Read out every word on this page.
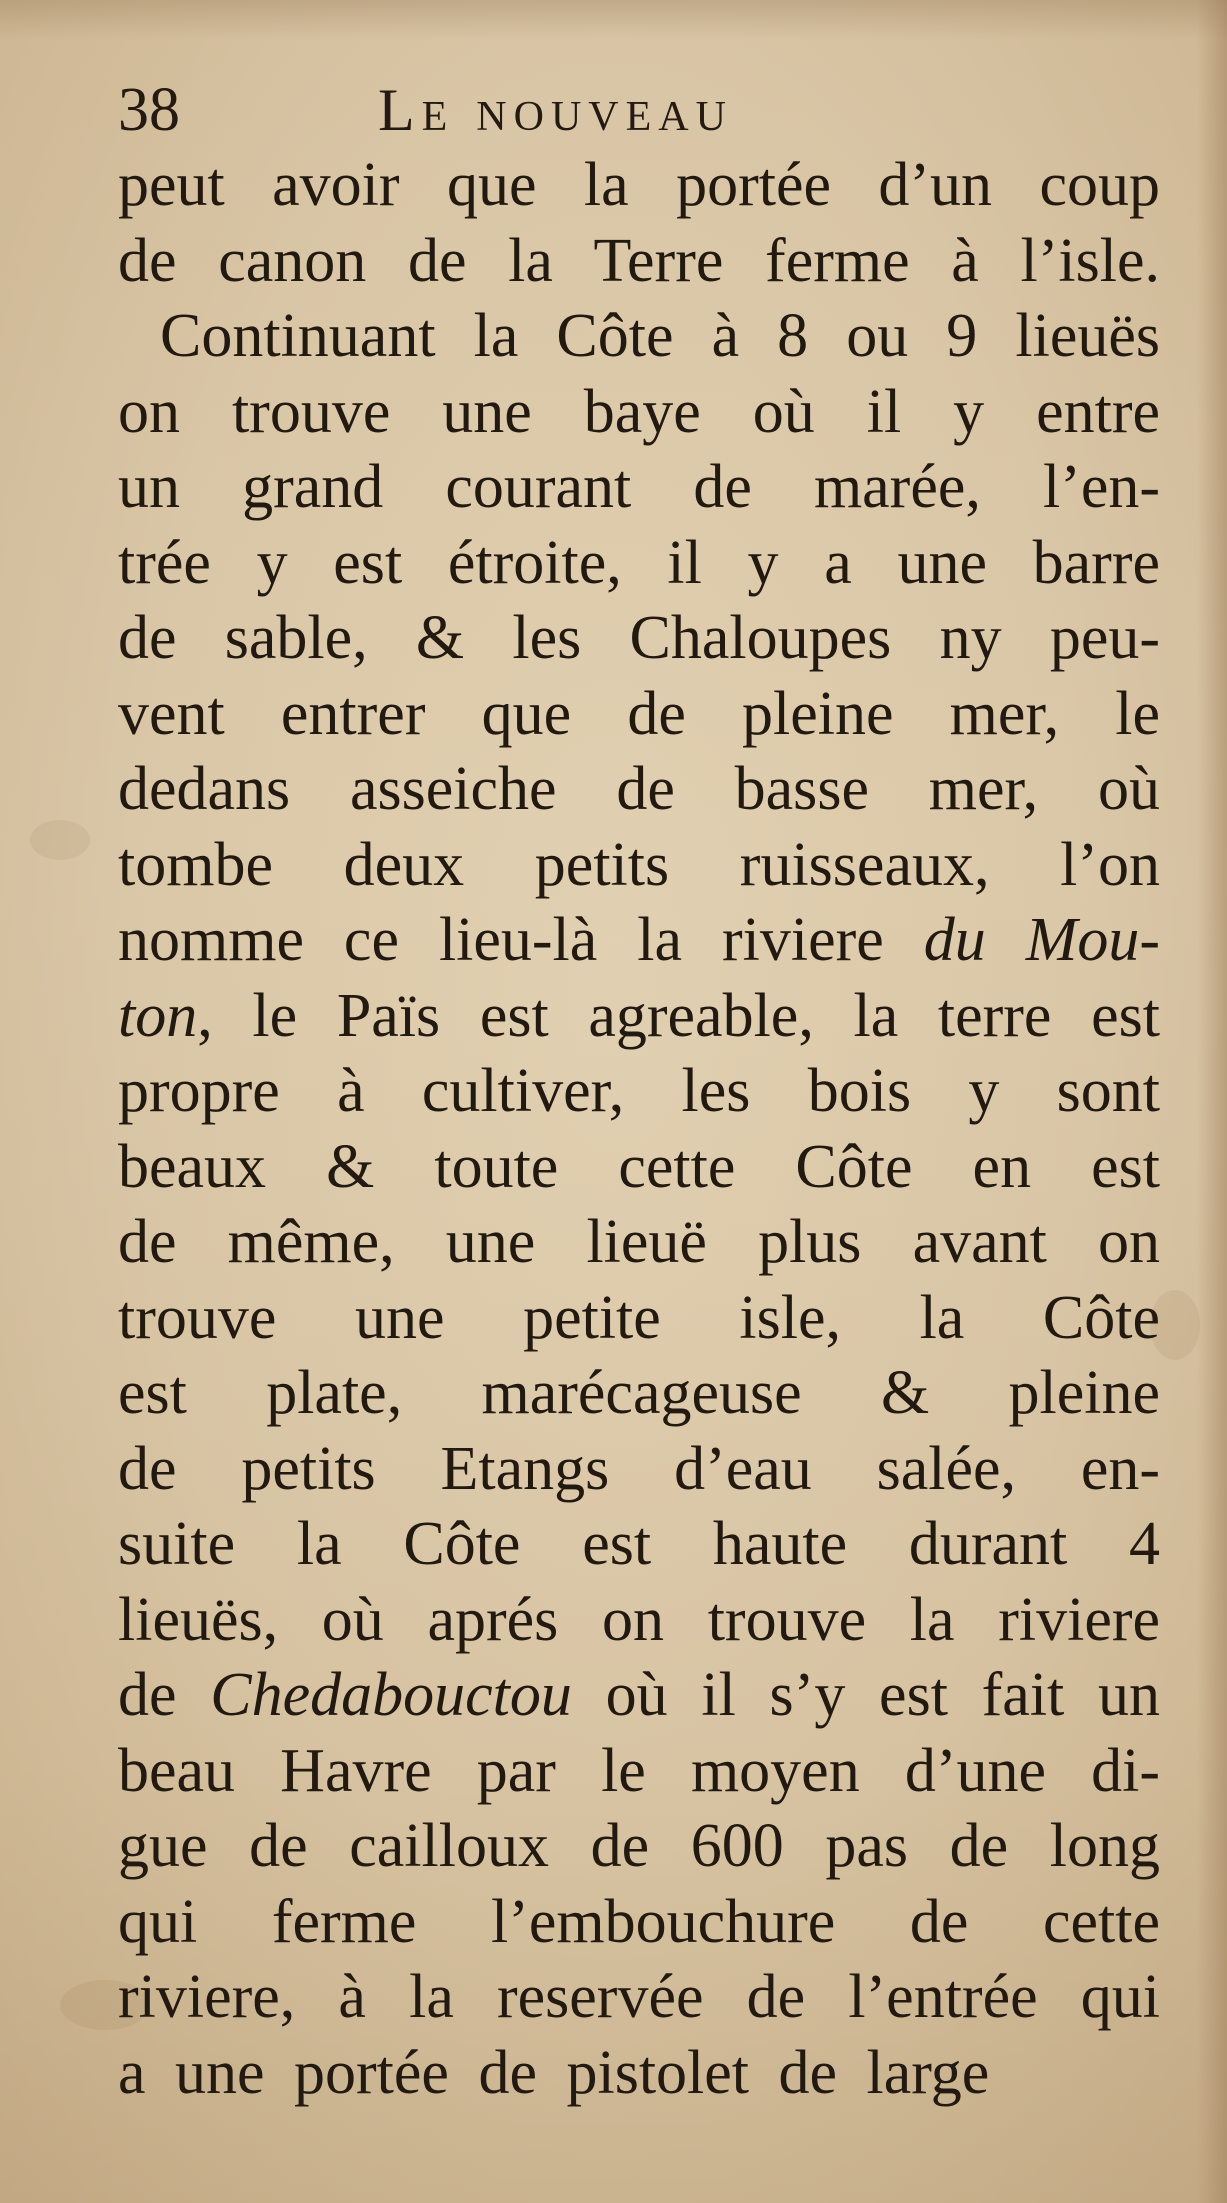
38	Le nouveau
peut avoir que la portée d’un coup
de canon de la Terre ferme à l’isle.
Continuant la Côte à 8 ou 9 lieuës
on trouve une baye où il y entre
un grand courant de marée, l’en-
trée y est étroite, il y a une barre
de sable, & les Chaloupes ny peu-
vent entrer que de pleine mer, le
dedans asseiche de basse mer, où
tombe deux petits ruisseaux, l’on
nomme ce lieu-là la riviere du Mou-
ton, le Païs est agreable, la terre est
propre à cultiver, les bois y sont
beaux & toute cette Côte en est
de même, une lieuë plus avant on
trouve une petite isle, la Côte
est plate, marécageuse & pleine
de petits Etangs d’eau salée, en-
suite la Côte est haute durant 4
lieuës, où aprés on trouve la riviere
de Chedabouctou où il s’y est fait un
beau Havre par le moyen d’une di-
gue de cailloux de 600 pas de long
qui ferme l’embouchure de cette
riviere, à la reservée de l’entrée qui
a une portée de pistolet de large
